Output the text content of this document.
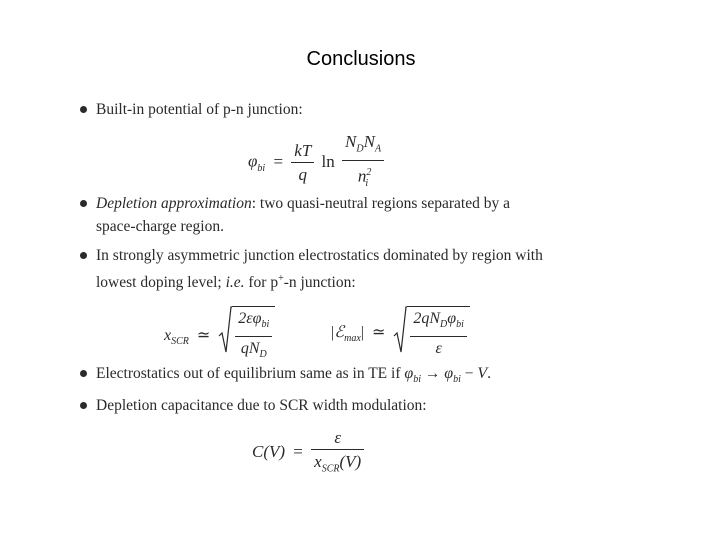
Conclusions
Built-in potential of p-n junction:
$\varphi_{bi} = \frac{kT}{q}$ $\ln \frac{N_DN_A}{n^2_i}$
Depletion approximation: two quasi-neutral regions separated by a space-charge region.
In strongly asymmetric junction electrostatics dominated by region with lowest doping level; i.e. for p+-n junction:
$x_{SCR}$ ≃ $\frac{2\varepsilon\varphi_{bi}}{qN_D}$	|ℰ$_{max}$| ≃ $\frac{2qN_D\varphi_{bi}}{\varepsilon}$
Electrostatics out of equilibrium same as in TE if $\varphi_{bi} \to \varphi_{bi} - V$.
Depletion capacitance due to SCR width modulation:
$C(V) = \frac{\varepsilon}{x_{SCR}(V)}$
